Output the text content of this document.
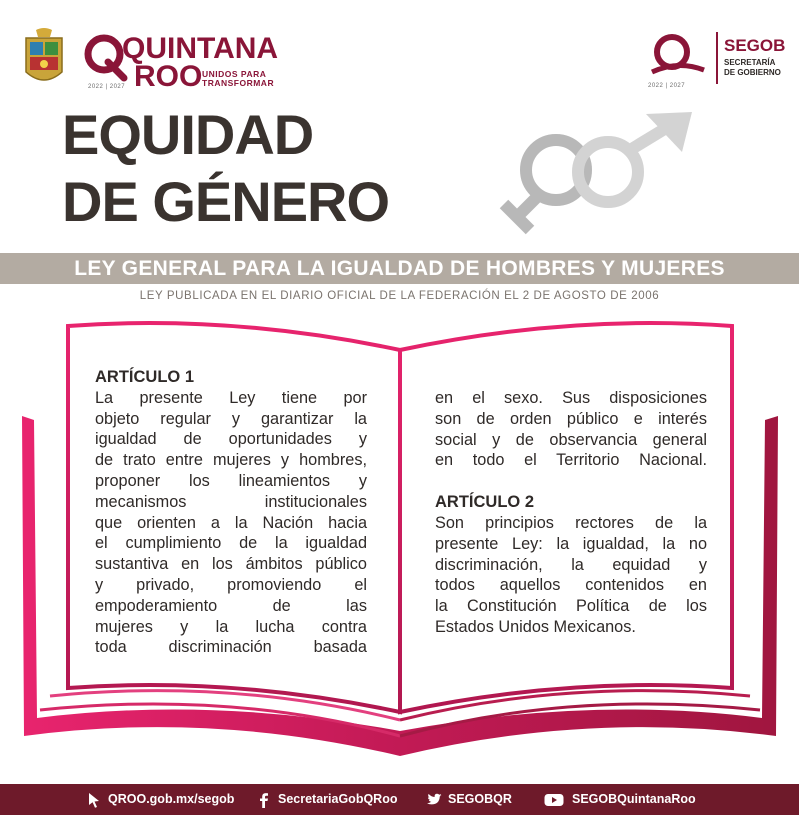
QUINTANA
ROO UNIDOS PARA TRANSFORMAR
2022 | 2027	2022 | 2027
SEGOB
SECRETARÍA
DE GOBIERNO
EQUIDAD
DE GÉNERO
LEY GENERAL PARA LA IGUALDAD DE HOMBRES Y MUJERES
LEY PUBLICADA EN EL DIARIO OFICIAL DE LA FEDERACIÓN EL 2 DE AGOSTO DE 2006
ARTÍCULO 1
La presente Ley tiene por
objeto regular y garantizar la
igualdad de oportunidades y
de trato entre mujeres y hombres,
proponer los lineamientos y
mecanismos institucionales
que orienten a la Nación hacia
el cumplimiento de la igualdad
sustantiva en los ámbitos público
y privado, promoviendo el
empoderamiento de las
mujeres y la lucha contra
toda discriminación basada
en el sexo. Sus disposiciones
son de orden público e interés
social y de observancia general
en todo el Territorio Nacional.
ARTÍCULO 2
Son principios rectores de la
presente Ley: la igualdad, la no
discriminación, la equidad y
todos aquellos contenidos en
la Constitución Política de los
Estados Unidos Mexicanos.
QROO.gob.mx/segob	SecretariaGobQRoo	SEGOBQR	SEGOBQuintanaRoo
